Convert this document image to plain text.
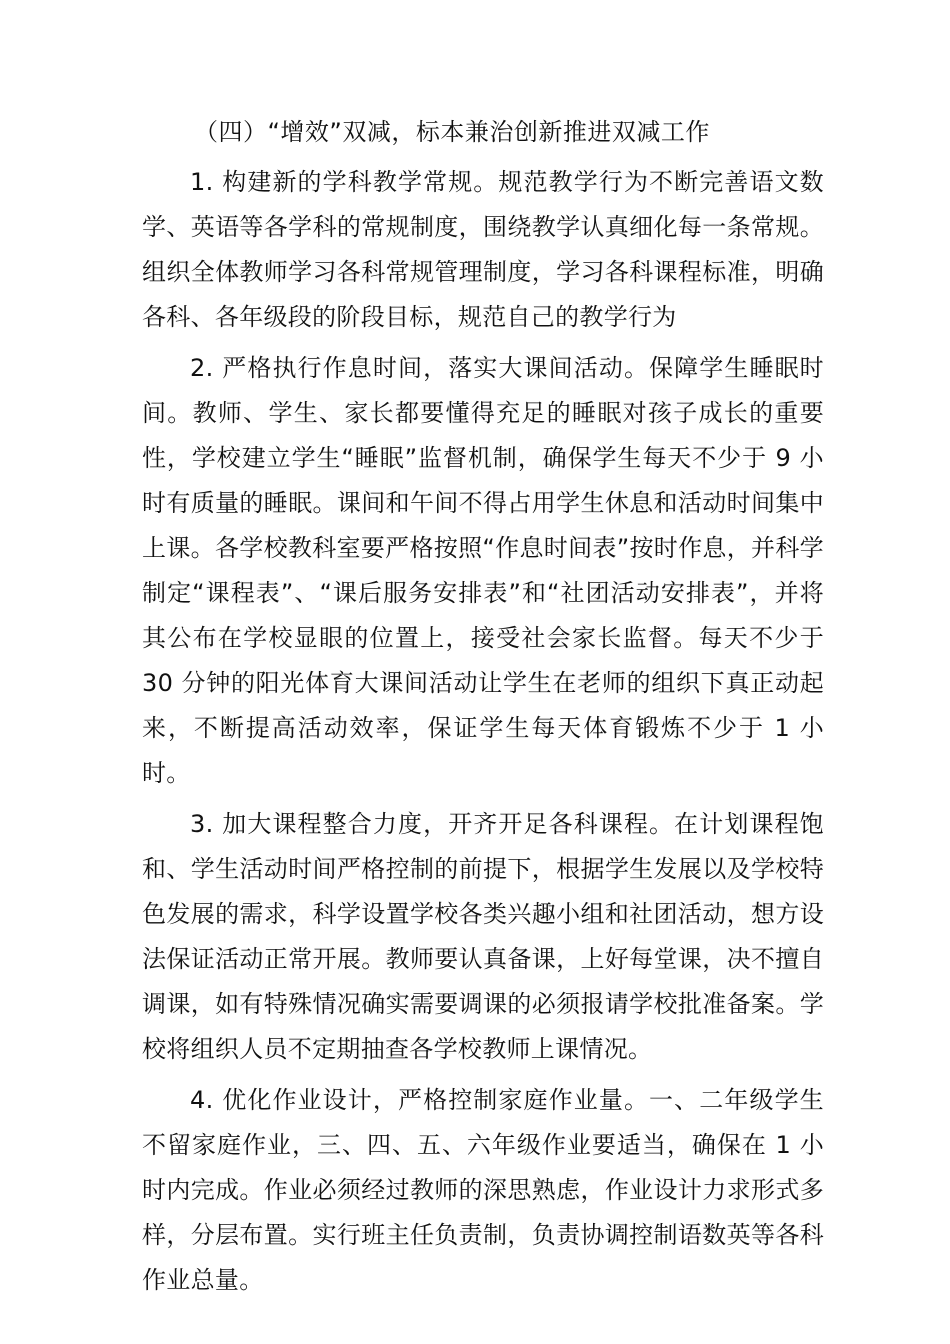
（四）“增效”双减，标本兼治创新推进双减工作

1. 构建新的学科教学常规。规范教学行为不断完善语文数学、英语等各学科的常规制度，围绕教学认真细化每一条常规。组织全体教师学习各科常规管理制度，学习各科课程标准，明确各科、各年级段的阶段目标，规范自己的教学行为

2. 严格执行作息时间，落实大课间活动。保障学生睡眠时间。教师、学生、家长都要懂得充足的睡眠对孩子成长的重要性，学校建立学生“睡眠”监督机制，确保学生每天不少于 9 小时有质量的睡眠。课间和午间不得占用学生休息和活动时间集中上课。各学校教科室要严格按照“作息时间表”按时作息，并科学制定“课程表”、“课后服务安排表”和“社团活动安排表”，并将其公布在学校显眼的位置上，接受社会家长监督。每天不少于 30 分钟的阳光体育大课间活动让学生在老师的组织下真正动起来，不断提高活动效率，保证学生每天体育锻炼不少于 1 小时。

3. 加大课程整合力度，开齐开足各科课程。在计划课程饱和、学生活动时间严格控制的前提下，根据学生发展以及学校特色发展的需求，科学设置学校各类兴趣小组和社团活动，想方设法保证活动正常开展。教师要认真备课，上好每堂课，决不擅自调课，如有特殊情况确实需要调课的必须报请学校批准备案。学校将组织人员不定期抽查各学校教师上课情况。

4. 优化作业设计，严格控制家庭作业量。一、二年级学生不留家庭作业，三、四、五、六年级作业要适当，确保在 1 小时内完成。作业必须经过教师的深思熟虑，作业设计力求形式多样，分层布置。实行班主任负责制，负责协调控制语数英等各科作业总量。
